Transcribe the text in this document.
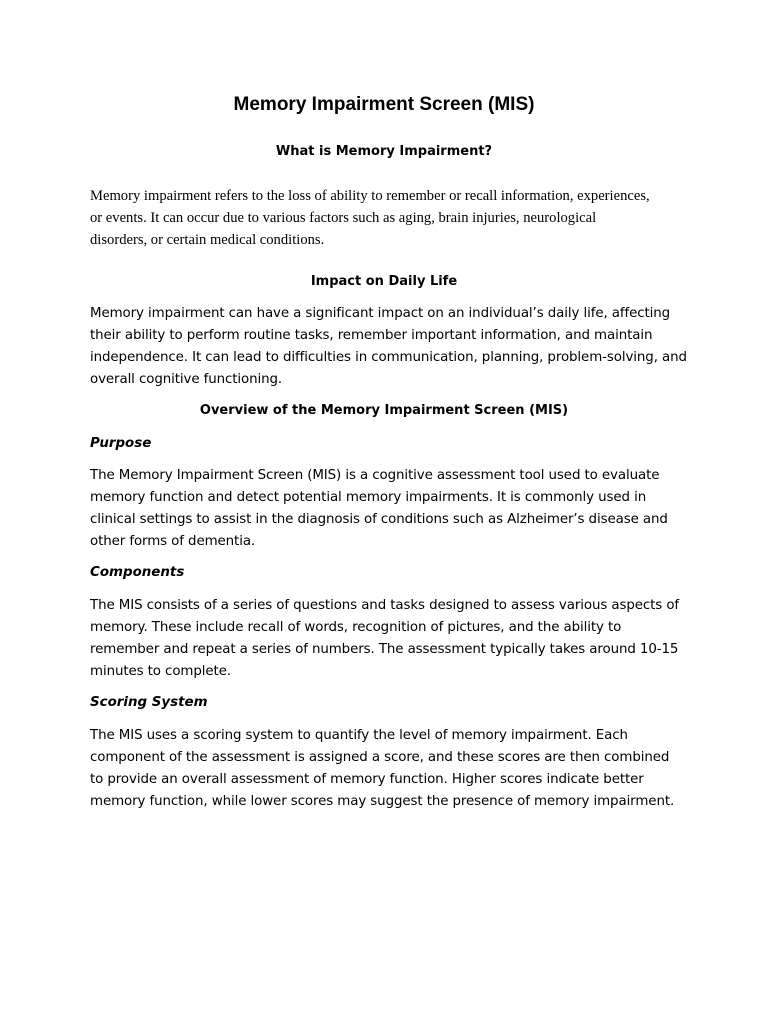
Memory Impairment Screen (MIS)
What is Memory Impairment?

Memory impairment refers to the loss of ability to remember or recall information, experiences,
or events. It can occur due to various factors such as aging, brain injuries, neurological
disorders, or certain medical conditions.

Impact on Daily Life

Memory impairment can have a significant impact on an individual’s daily life, affecting
their ability to perform routine tasks, remember important information, and maintain
independence. It can lead to difficulties in communication, planning, problem-solving, and
overall cognitive functioning.

Overview of the Memory Impairment Screen (MIS)
Purpose

The Memory Impairment Screen (MIS) is a cognitive assessment tool used to evaluate
memory function and detect potential memory impairments. It is commonly used in
clinical settings to assist in the diagnosis of conditions such as Alzheimer’s disease and
other forms of dementia.

Components

The MIS consists of a series of questions and tasks designed to assess various aspects of
memory. These include recall of words, recognition of pictures, and the ability to
remember and repeat a series of numbers. The assessment typically takes around 10-15
minutes to complete.

Scoring System

The MIS uses a scoring system to quantify the level of memory impairment. Each
component of the assessment is assigned a score, and these scores are then combined
to provide an overall assessment of memory function. Higher scores indicate better
memory function, while lower scores may suggest the presence of memory impairment.
